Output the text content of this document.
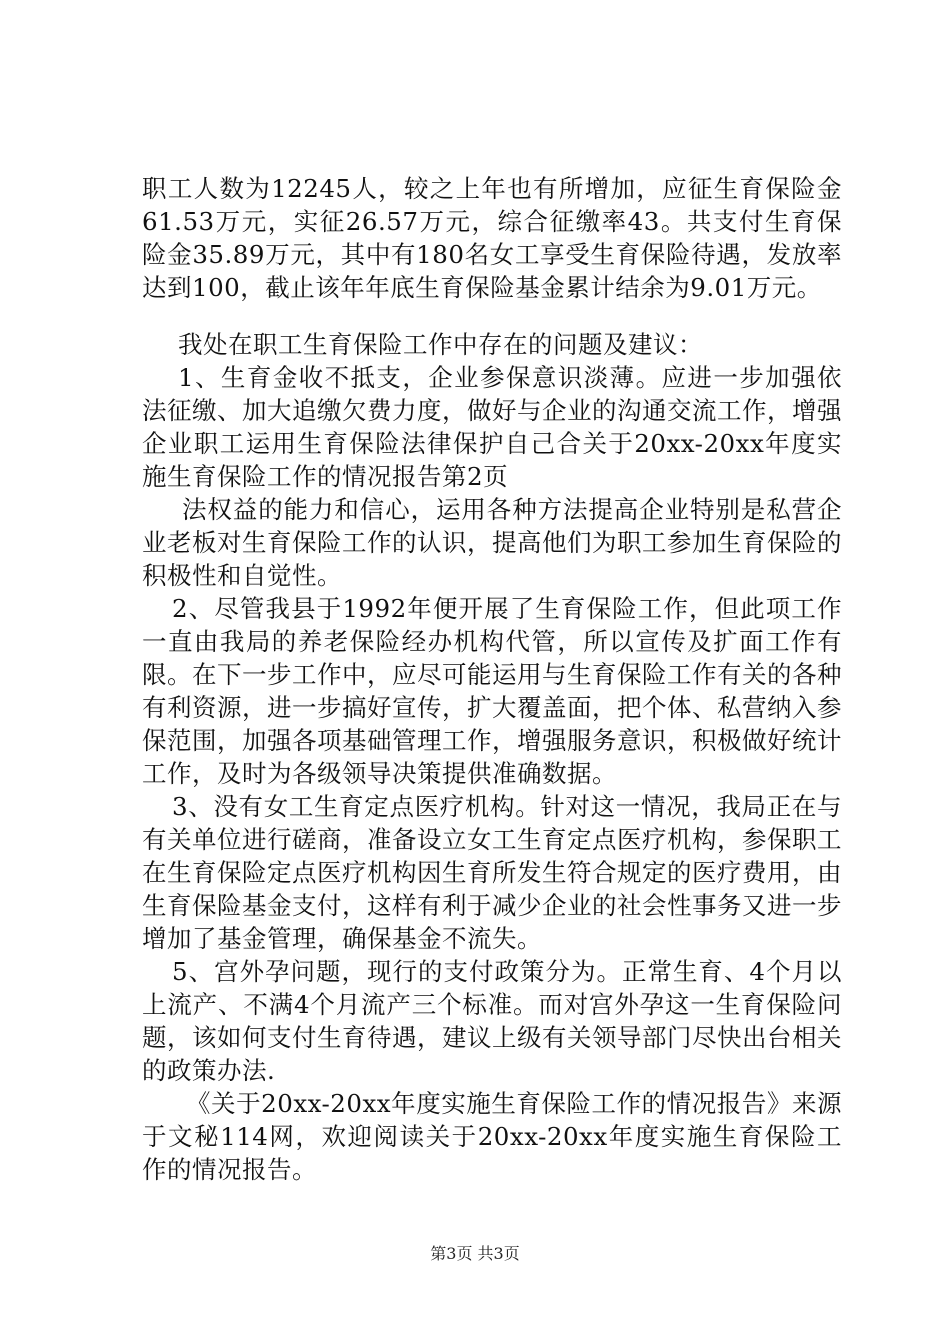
职工人数为12245人，较之上年也有所增加，应征生育保险金61.53万元，实征26.57万元，综合征缴率43。共支付生育保险金35.89万元，其中有180名女工享受生育保险待遇，发放率达到100，截止该年年底生育保险基金累计结余为9.01万元。

我处在职工生育保险工作中存在的问题及建议：

1、生育金收不抵支，企业参保意识淡薄。应进一步加强依法征缴、加大追缴欠费力度，做好与企业的沟通交流工作，增强企业职工运用生育保险法律保护自己合关于20xx-20xx年度实施生育保险工作的情况报告第2页

法权益的能力和信心，运用各种方法提高企业特别是私营企业老板对生育保险工作的认识，提高他们为职工参加生育保险的积极性和自觉性。

2、尽管我县于1992年便开展了生育保险工作，但此项工作一直由我局的养老保险经办机构代管，所以宣传及扩面工作有限。在下一步工作中，应尽可能运用与生育保险工作有关的各种有利资源，进一步搞好宣传，扩大覆盖面，把个体、私营纳入参保范围，加强各项基础管理工作，增强服务意识，积极做好统计工作，及时为各级领导决策提供准确数据。

3、没有女工生育定点医疗机构。针对这一情况，我局正在与有关单位进行磋商，准备设立女工生育定点医疗机构，参保职工在生育保险定点医疗机构因生育所发生符合规定的医疗费用，由生育保险基金支付，这样有利于减少企业的社会性事务又进一步增加了基金管理，确保基金不流失。

5、宫外孕问题，现行的支付政策分为。正常生育、4个月以上流产、不满4个月流产三个标准。而对宫外孕这一生育保险问题，该如何支付生育待遇，建议上级有关领导部门尽快出台相关的政策办法.

《关于20xx-20xx年度实施生育保险工作的情况报告》来源于文秘114网，欢迎阅读关于20xx-20xx年度实施生育保险工作的情况报告。

第3页 共3页
